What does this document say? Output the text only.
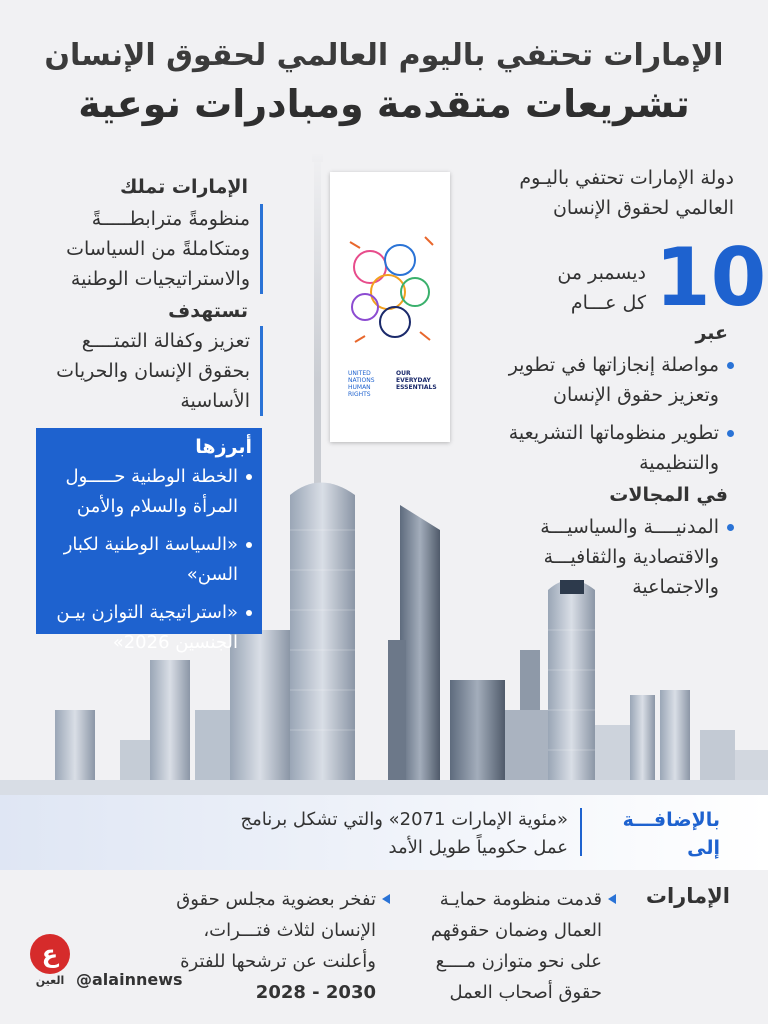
الإمارات تحتفي باليوم العالمي لحقوق الإنسان
تشريعات متقدمة ومبادرات نوعية
UNITED NATIONS HUMAN RIGHTS
OUR EVERYDAY ESSENTIALS
دولة الإمارات تحتفي باليـوم
العالمي لحقوق الإنسان
10
ديسمبر من
كل عـــام
عبر
مواصلة إنجازاتها في تطوير
وتعزيز حقوق الإنسان
تطوير منظوماتها التشريعية
والتنظيمية
في المجالات
المدنيــــة والسياسيـــة
والاقتصادية والثقافيـــة
والاجتماعية
الإمارات تملك
منظومةً مترابطـــــةً
ومتكاملةً من السياسات
والاستراتيجيات الوطنية
تستهدف
تعزيز وكفالة التمتــــع
بحقوق الإنسان والحريات
الأساسية
أبرزها
الخطة الوطنية حـــــول
المرأة والسلام والأمن
«السياسة الوطنية لكبار
السن»
«استراتيجية التوازن بيـن
الجنسين 2026»
بالإضافـــة
إلى
«مئوية الإمارات 2071» والتي تشكل برنامج
عمل حكومياً طويل الأمد
الإمارات
قدمت منظومة حمايـة
العمال وضمان حقوقهم
على نحو متوازن مــــع
حقوق أصحاب العمل
تفخر بعضوية مجلس حقوق
الإنسان لثلاث فتـــرات،
وأعلنت عن ترشحها للفترة
2028 - 2030
ع
العين @alainnews
